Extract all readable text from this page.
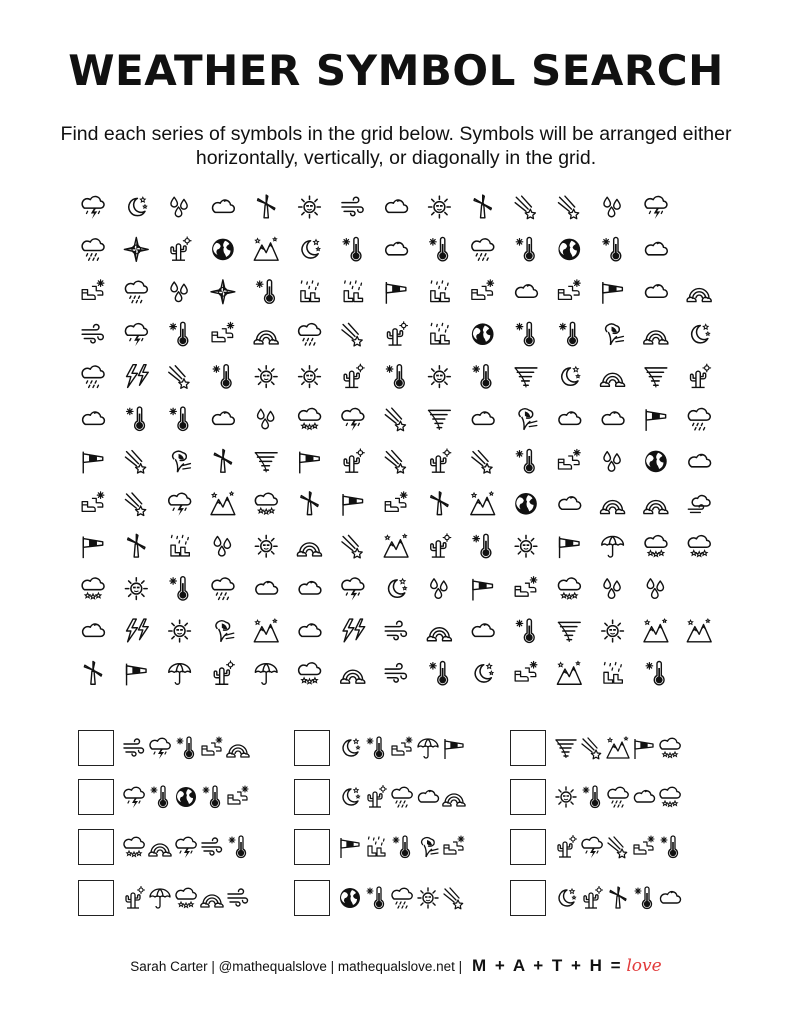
WEATHER SYMBOL SEARCH

Find each series of symbols in the grid below. Symbols will be arranged either horizontally, vertically, or diagonally in the grid.

Sarah Carter | @mathequalslove | mathequalslove.net | M + A + T + H = love
